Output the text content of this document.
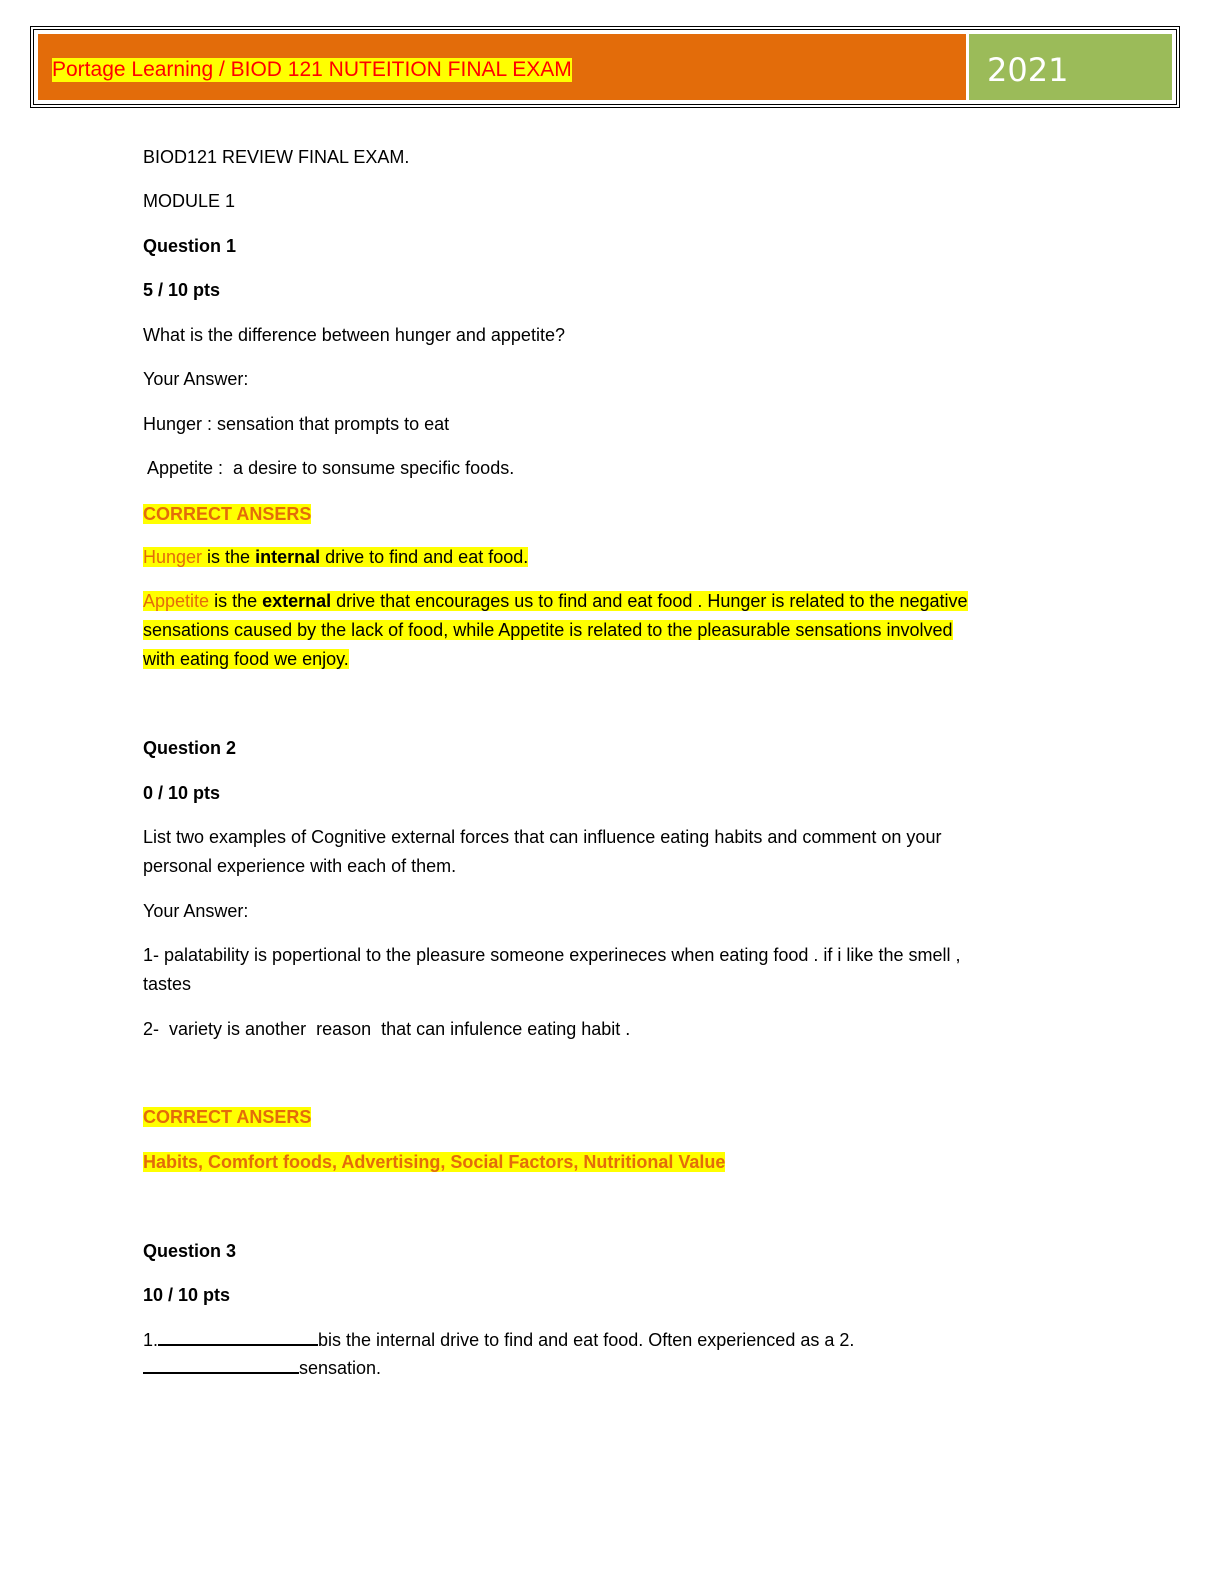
Portage Learning / BIOD 121 NUTEITION FINAL EXAM	2021
BIOD121 REVIEW FINAL EXAM.
MODULE 1
Question 1
5 / 10 pts
What is the difference between hunger and appetite?
Your Answer:
Hunger : sensation that prompts to eat
Appetite :  a desire to sonsume specific foods.
CORRECT ANSERS
Hunger is the internal drive to find and eat food.
Appetite is the external drive that encourages us to find and eat food . Hunger is related to the negative
sensations caused by the lack of food, while Appetite is related to the pleasurable sensations involved
with eating food we enjoy.
Question 2
0 / 10 pts
List two examples of Cognitive external forces that can influence eating habits and comment on your
personal experience with each of them.
Your Answer:
1- palatability is popertional to the pleasure someone experineces when eating food . if i like the smell ,
tastes
2-  variety is another  reason  that can infulence eating habit .
CORRECT ANSERS
Habits, Comfort foods, Advertising, Social Factors, Nutritional Value
Question 3
10 / 10 pts
1.	bis the internal drive to find and eat food. Often experienced as a 2.
sensation.
